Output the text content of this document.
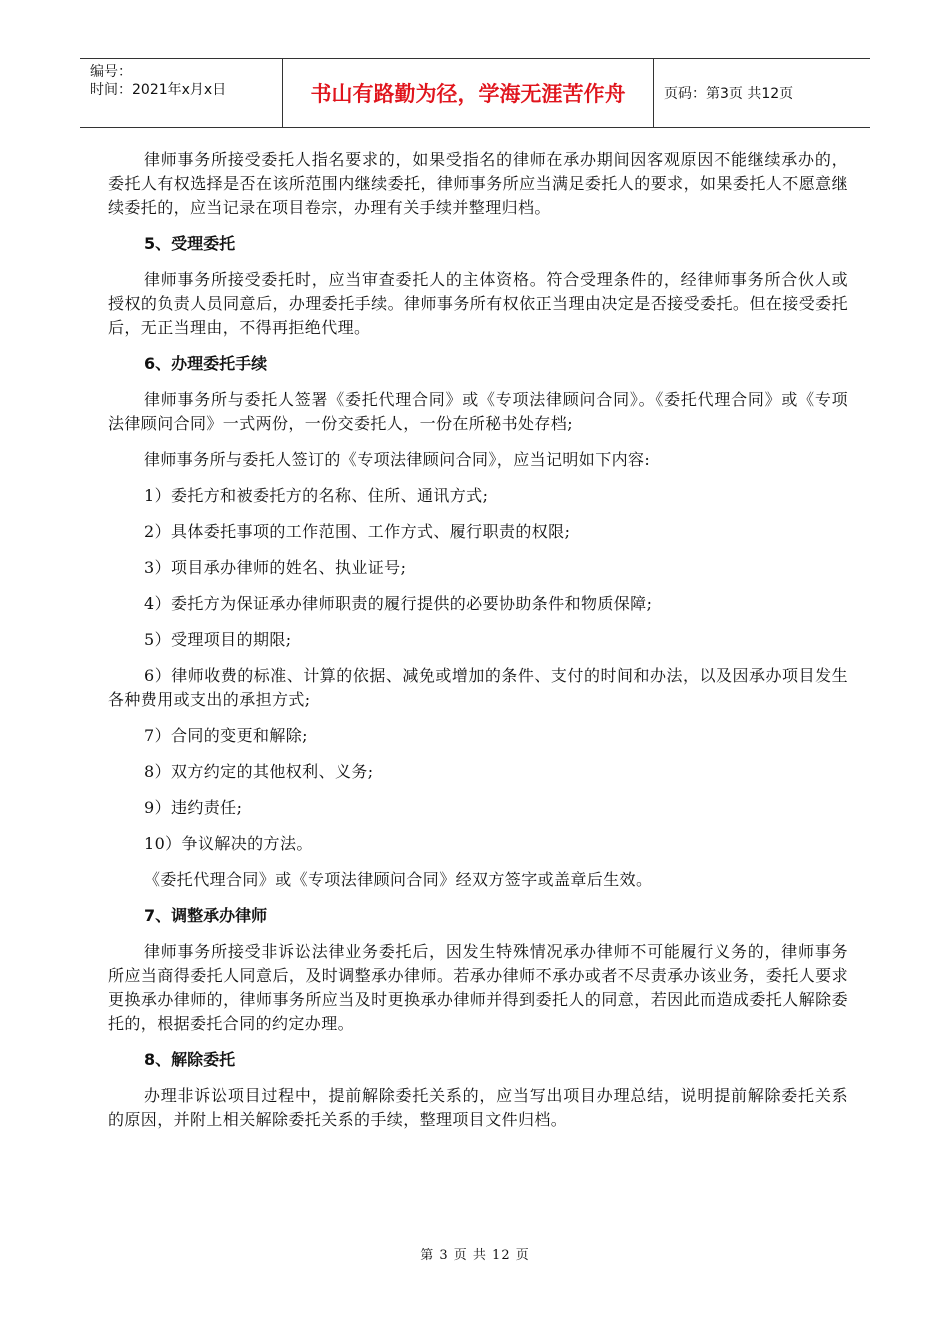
编号：
时间：2021年x月x日	书山有路勤为径，学海无涯苦作舟	页码：第3页 共12页

律师事务所接受委托人指名要求的，如果受指名的律师在承办期间因客观原因不能继续承办的，委托人有权选择是否在该所范围内继续委托，律师事务所应当满足委托人的要求，如果委托人不愿意继续委托的，应当记录在项目卷宗，办理有关手续并整理归档。

5、受理委托

律师事务所接受委托时，应当审查委托人的主体资格。符合受理条件的，经律师事务所合伙人或授权的负责人员同意后，办理委托手续。律师事务所有权依正当理由决定是否接受委托。但在接受委托后，无正当理由，不得再拒绝代理。

6、办理委托手续

律师事务所与委托人签署《委托代理合同》或《专项法律顾问合同》。《委托代理合同》或《专项法律顾问合同》一式两份，一份交委托人，一份在所秘书处存档;

律师事务所与委托人签订的《专项法律顾问合同》，应当记明如下内容:

1）委托方和被委托方的名称、住所、通讯方式;

2）具体委托事项的工作范围、工作方式、履行职责的权限;

3）项目承办律师的姓名、执业证号;

4）委托方为保证承办律师职责的履行提供的必要协助条件和物质保障;

5）受理项目的期限;

6）律师收费的标准、计算的依据、减免或增加的条件、支付的时间和办法，以及因承办项目发生各种费用或支出的承担方式;

7）合同的变更和解除;

8）双方约定的其他权利、义务;

9）违约责任;

10）争议解决的方法。

《委托代理合同》或《专项法律顾问合同》经双方签字或盖章后生效。

7、调整承办律师

律师事务所接受非诉讼法律业务委托后，因发生特殊情况承办律师不可能履行义务的，律师事务所应当商得委托人同意后，及时调整承办律师。若承办律师不承办或者不尽责承办该业务，委托人要求更换承办律师的，律师事务所应当及时更换承办律师并得到委托人的同意，若因此而造成委托人解除委托的，根据委托合同的约定办理。

8、解除委托

办理非诉讼项目过程中，提前解除委托关系的，应当写出项目办理总结，说明提前解除委托关系的原因，并附上相关解除委托关系的手续，整理项目文件归档。

第 3 页 共 12 页
